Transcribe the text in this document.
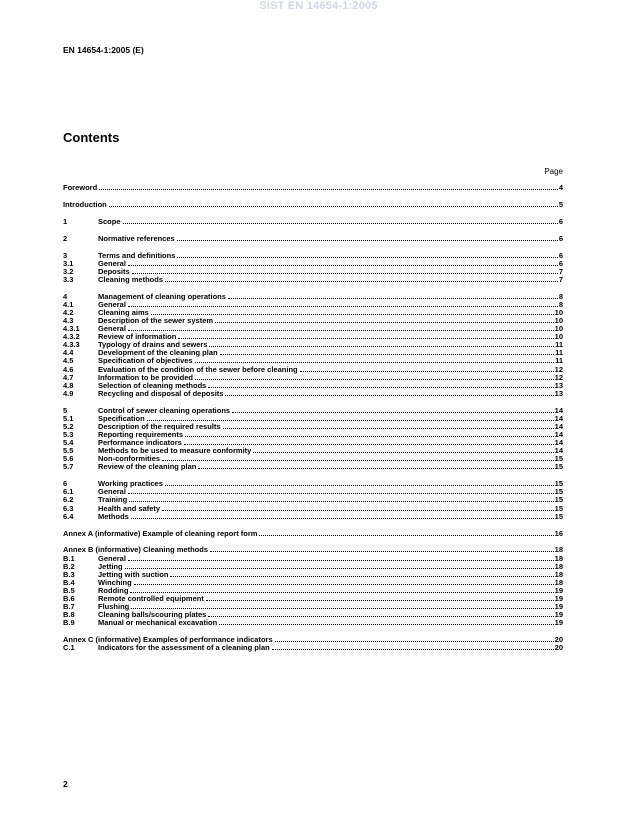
SIST EN 14654-1:2005
EN 14654-1:2005 (E)
Contents
Page
Foreword	4
Introduction	5
1	Scope	6
2	Normative references	6
3	Terms and definitions	6
3.1	General	6
3.2	Deposits	7
3.3	Cleaning methods	7
4	Management of cleaning operations	8
4.1	General	8
4.2	Cleaning aims	10
4.3	Description of the sewer system	10
4.3.1	General	10
4.3.2	Review of information	10
4.3.3	Typology of drains and sewers	11
4.4	Development of the cleaning plan	11
4.5	Specification of objectives	11
4.6	Evaluation of the condition of the sewer before cleaning	12
4.7	Information to be provided	12
4.8	Selection of cleaning methods	13
4.9	Recycling and disposal of deposits	13
5	Control of sewer cleaning operations	14
5.1	Specification	14
5.2	Description of the required results	14
5.3	Reporting requirements	14
5.4	Performance indicators	14
5.5	Methods to be used to measure conformity	14
5.6	Non-conformities	15
5.7	Review of the cleaning plan	15
6	Working practices	15
6.1	General	15
6.2	Training	15
6.3	Health and safety	15
6.4	Methods	15
Annex A (informative) Example of cleaning report form	16
Annex B (informative) Cleaning methods	18
B.1	General	18
B.2	Jetting	18
B.3	Jetting with suction	18
B.4	Winching	18
B.5	Rodding	19
B.6	Remote controlled equipment	19
B.7	Flushing	19
B.8	Cleaning balls/scouring plates	19
B.9	Manual or mechanical excavation	19
Annex C (informative) Examples of performance indicators	20
C.1	Indicators for the assessment of a cleaning plan	20
2
